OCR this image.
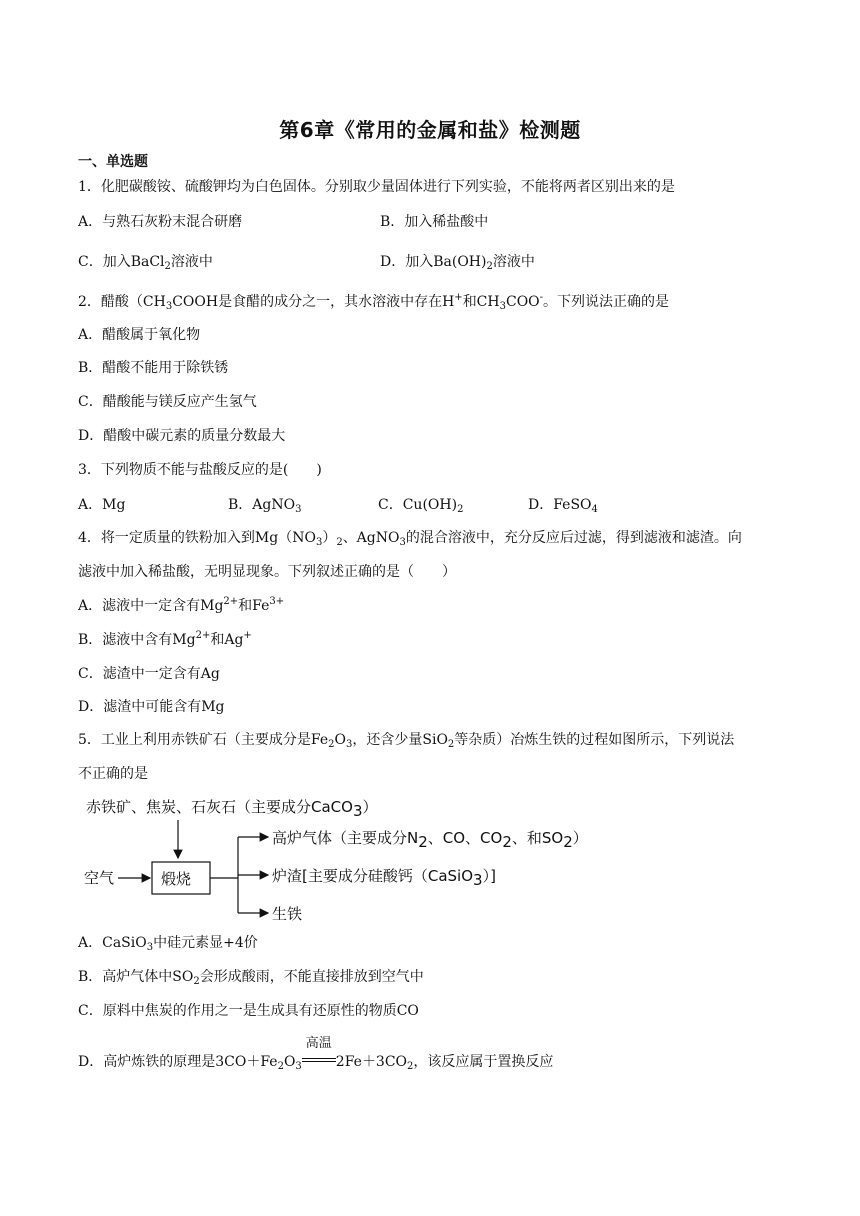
第6章《常用的金属和盐》检测题
一、单选题
1．化肥碳酸铵、硫酸钾均为白色固体。分别取少量固体进行下列实验，不能将两者区别出来的是
A．与熟石灰粉末混合研磨	B．加入稀盐酸中
C．加入BaCl$_2$溶液中	D．加入$Ba(OH)_2$溶液中
2．醋酸（$CH_3COOH$是食醋的成分之一，其水溶液中存在H+和$CH_3COO^-$。下列说法正确的是
A．醋酸属于氧化物
B．醋酸不能用于除铁锈
C．醋酸能与镁反应产生氢气
D．醋酸中碳元素的质量分数最大
3．下列物质不能与盐酸反应的是(　　)
A．Mg	B．AgNO$_3$	C．$Cu(OH)_2$	D．FeSO$_4$
4．将一定质量的铁粉加入到$Mg(NO_3)_2$、AgNO$_3$的混合溶液中，充分反应后过滤，得到滤液和滤渣。向
滤液中加入稀盐酸，无明显现象。下列叙述正确的是（　　）
A．滤液中一定含有$Mg^{2+}$和$Fe^{3+}$
B．滤液中含有$Mg^{2+}$和Ag+
C．滤渣中一定含有Ag
D．滤渣中可能含有Mg
5．工业上利用赤铁矿石（主要成分是$Fe_2O_3$，还含少量SiO$_2$等杂质）冶炼生铁的过程如图所示，下列说法
不正确的是
赤铁矿、焦炭、石灰石（主要成分CaCO3）
空气	煅烧
高炉气体（主要成分N2、CO、CO2、和SO2）
炉渣[主要成分硅酸钙（CaSiO3）]
生铁
A．CaSiO$_3$中硅元素显+4价
B．高炉气体中$SO_2$会形成酸雨，不能直接排放到空气中
C．原料中焦炭的作用之一是生成具有还原性的物质CO
D．高炉炼铁的原理是$3CO+Fe_2O_3$
高温
$2Fe+3CO_2$，该反应属于置换反应
